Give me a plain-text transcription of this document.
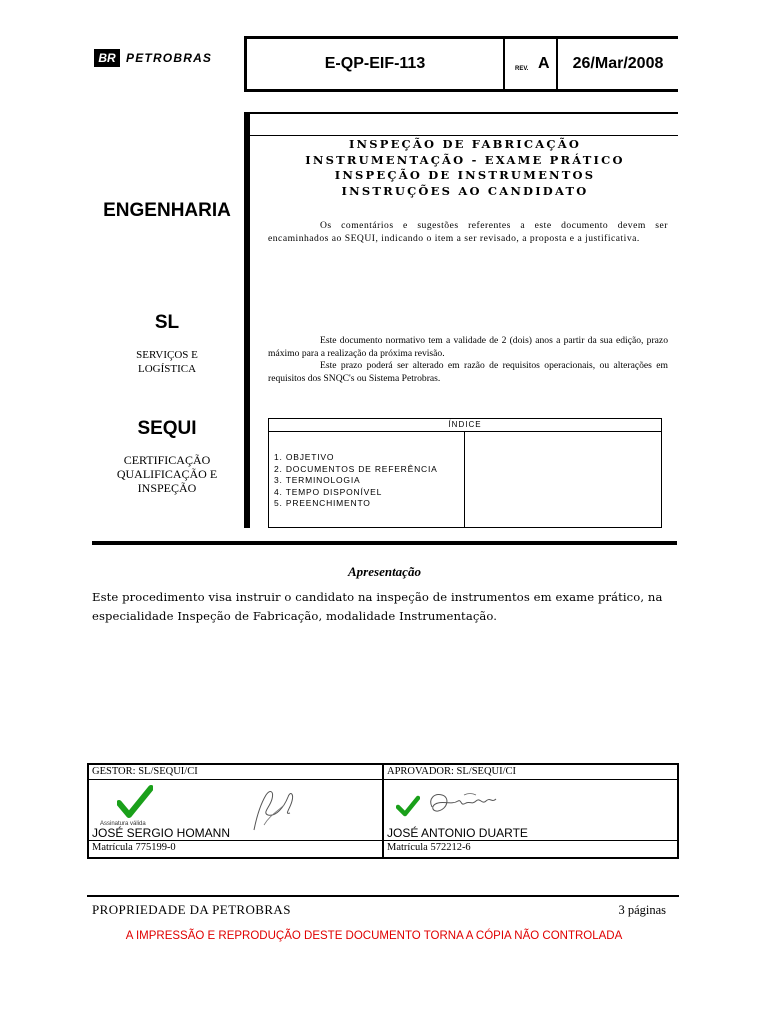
BR PETROBRAS	E-QP-EIF-113	REV. A	26/Mar/2008
ENGENHARIA
SL
SERVIÇOS E
LOGÍSTICA
SEQUI
CERTIFICAÇÃO
QUALIFICAÇÃO E
INSPEÇÃO
INSPEÇÃO DE FABRICAÇÃO
INSTRUMENTAÇÃO - EXAME PRÁTICO
INSPEÇÃO DE INSTRUMENTOS
INSTRUÇÕES AO CANDIDATO

Os comentários e sugestões referentes a este documento devem ser encaminhados ao SEQUI, indicando o item a ser revisado, a proposta e a justificativa.

Este documento normativo tem a validade de 2 (dois) anos a partir da sua edição, prazo máximo para a realização da próxima revisão.

Este prazo poderá ser alterado em razão de requisitos operacionais, ou alterações em requisitos dos SNQC's ou Sistema Petrobras.

ÍNDICE
1. OBJETIVO
2. DOCUMENTOS DE REFERÊNCIA
3. TERMINOLOGIA
4. TEMPO DISPONÍVEL
5. PREENCHIMENTO
Apresentação
Este procedimento visa instruir o candidato na inspeção de instrumentos em exame prático, na especialidade Inspeção de Fabricação, modalidade Instrumentação.
GESTOR: SL/SEQUI/CI
Assinatura válida
JOSÉ SERGIO HOMANN
Matrícula 775199-0
APROVADOR: SL/SEQUI/CI
JOSÉ ANTONIO DUARTE
Matrícula 572212-6
PROPRIEDADE DA PETROBRAS	3 páginas
A IMPRESSÃO E REPRODUÇÃO DESTE DOCUMENTO TORNA A CÓPIA NÃO CONTROLADA
